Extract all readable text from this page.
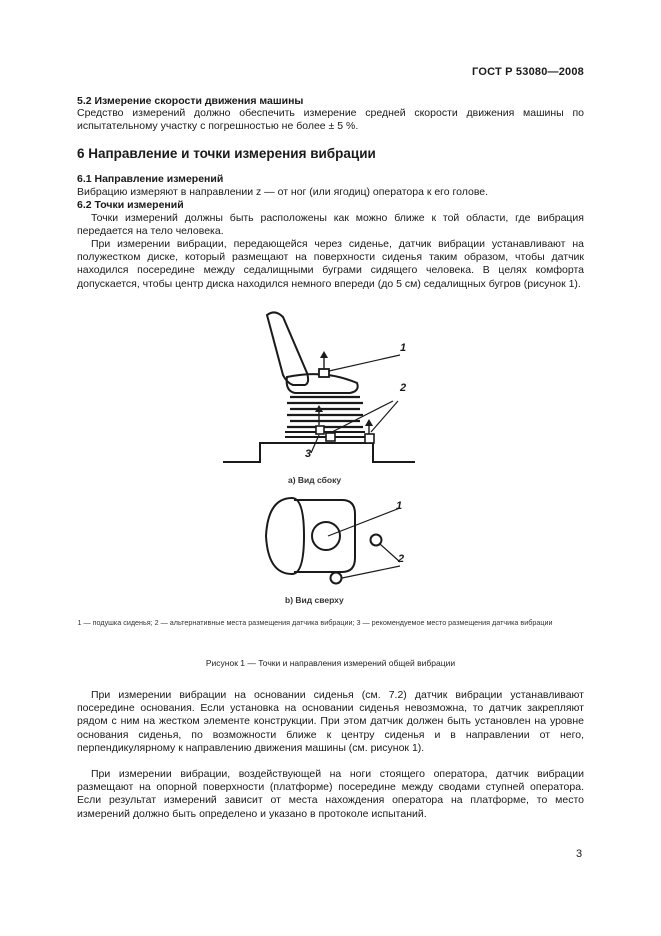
ГОСТ Р 53080—2008
5.2 Измерение скорости движения машины
Средство измерений должно обеспечить измерение средней скорости движения машины по испытательному участку с погрешностью не более ± 5 %.
6 Направление и точки измерения вибрации
6.1 Направление измерений
Вибрацию измеряют в направлении z — от ног (или ягодиц) оператора к его голове.
6.2 Точки измерений
Точки измерений должны быть расположены как можно ближе к той области, где вибрация передается на тело человека.
При измерении вибрации, передающейся через сиденье, датчик вибрации устанавливают на полужестком диске, который размещают на поверхности сиденья таким образом, чтобы датчик находился посередине между седалищными буграми сидящего человека. В целях комфорта допускается, чтобы центр диска находился немного впереди (до 5 см) седалищных бугров (рисунок 1).
1
2
3
a) Вид сбоку
1
2
b) Вид сверху
1 — подушка сиденья; 2 — альтернативные места размещения датчика вибрации; 3 — рекомендуемое место размещения датчика вибрации
Рисунок 1 — Точки и направления измерений общей вибрации
При измерении вибрации на основании сиденья (см. 7.2) датчик вибрации устанавливают посередине основания. Если установка на основании сиденья невозможна, то датчик закрепляют рядом с ним на жестком элементе конструкции. При этом датчик должен быть установлен на уровне основания сиденья, по возможности ближе к центру сиденья и в направлении от него, перпендикулярному к направлению движения машины (см. рисунок 1).
При измерении вибрации, воздействующей на ноги стоящего оператора, датчик вибрации размещают на опорной поверхности (платформе) посередине между сводами ступней оператора. Если результат измерений зависит от места нахождения оператора на платформе, то место измерений должно быть определено и указано в протоколе испытаний.
3
